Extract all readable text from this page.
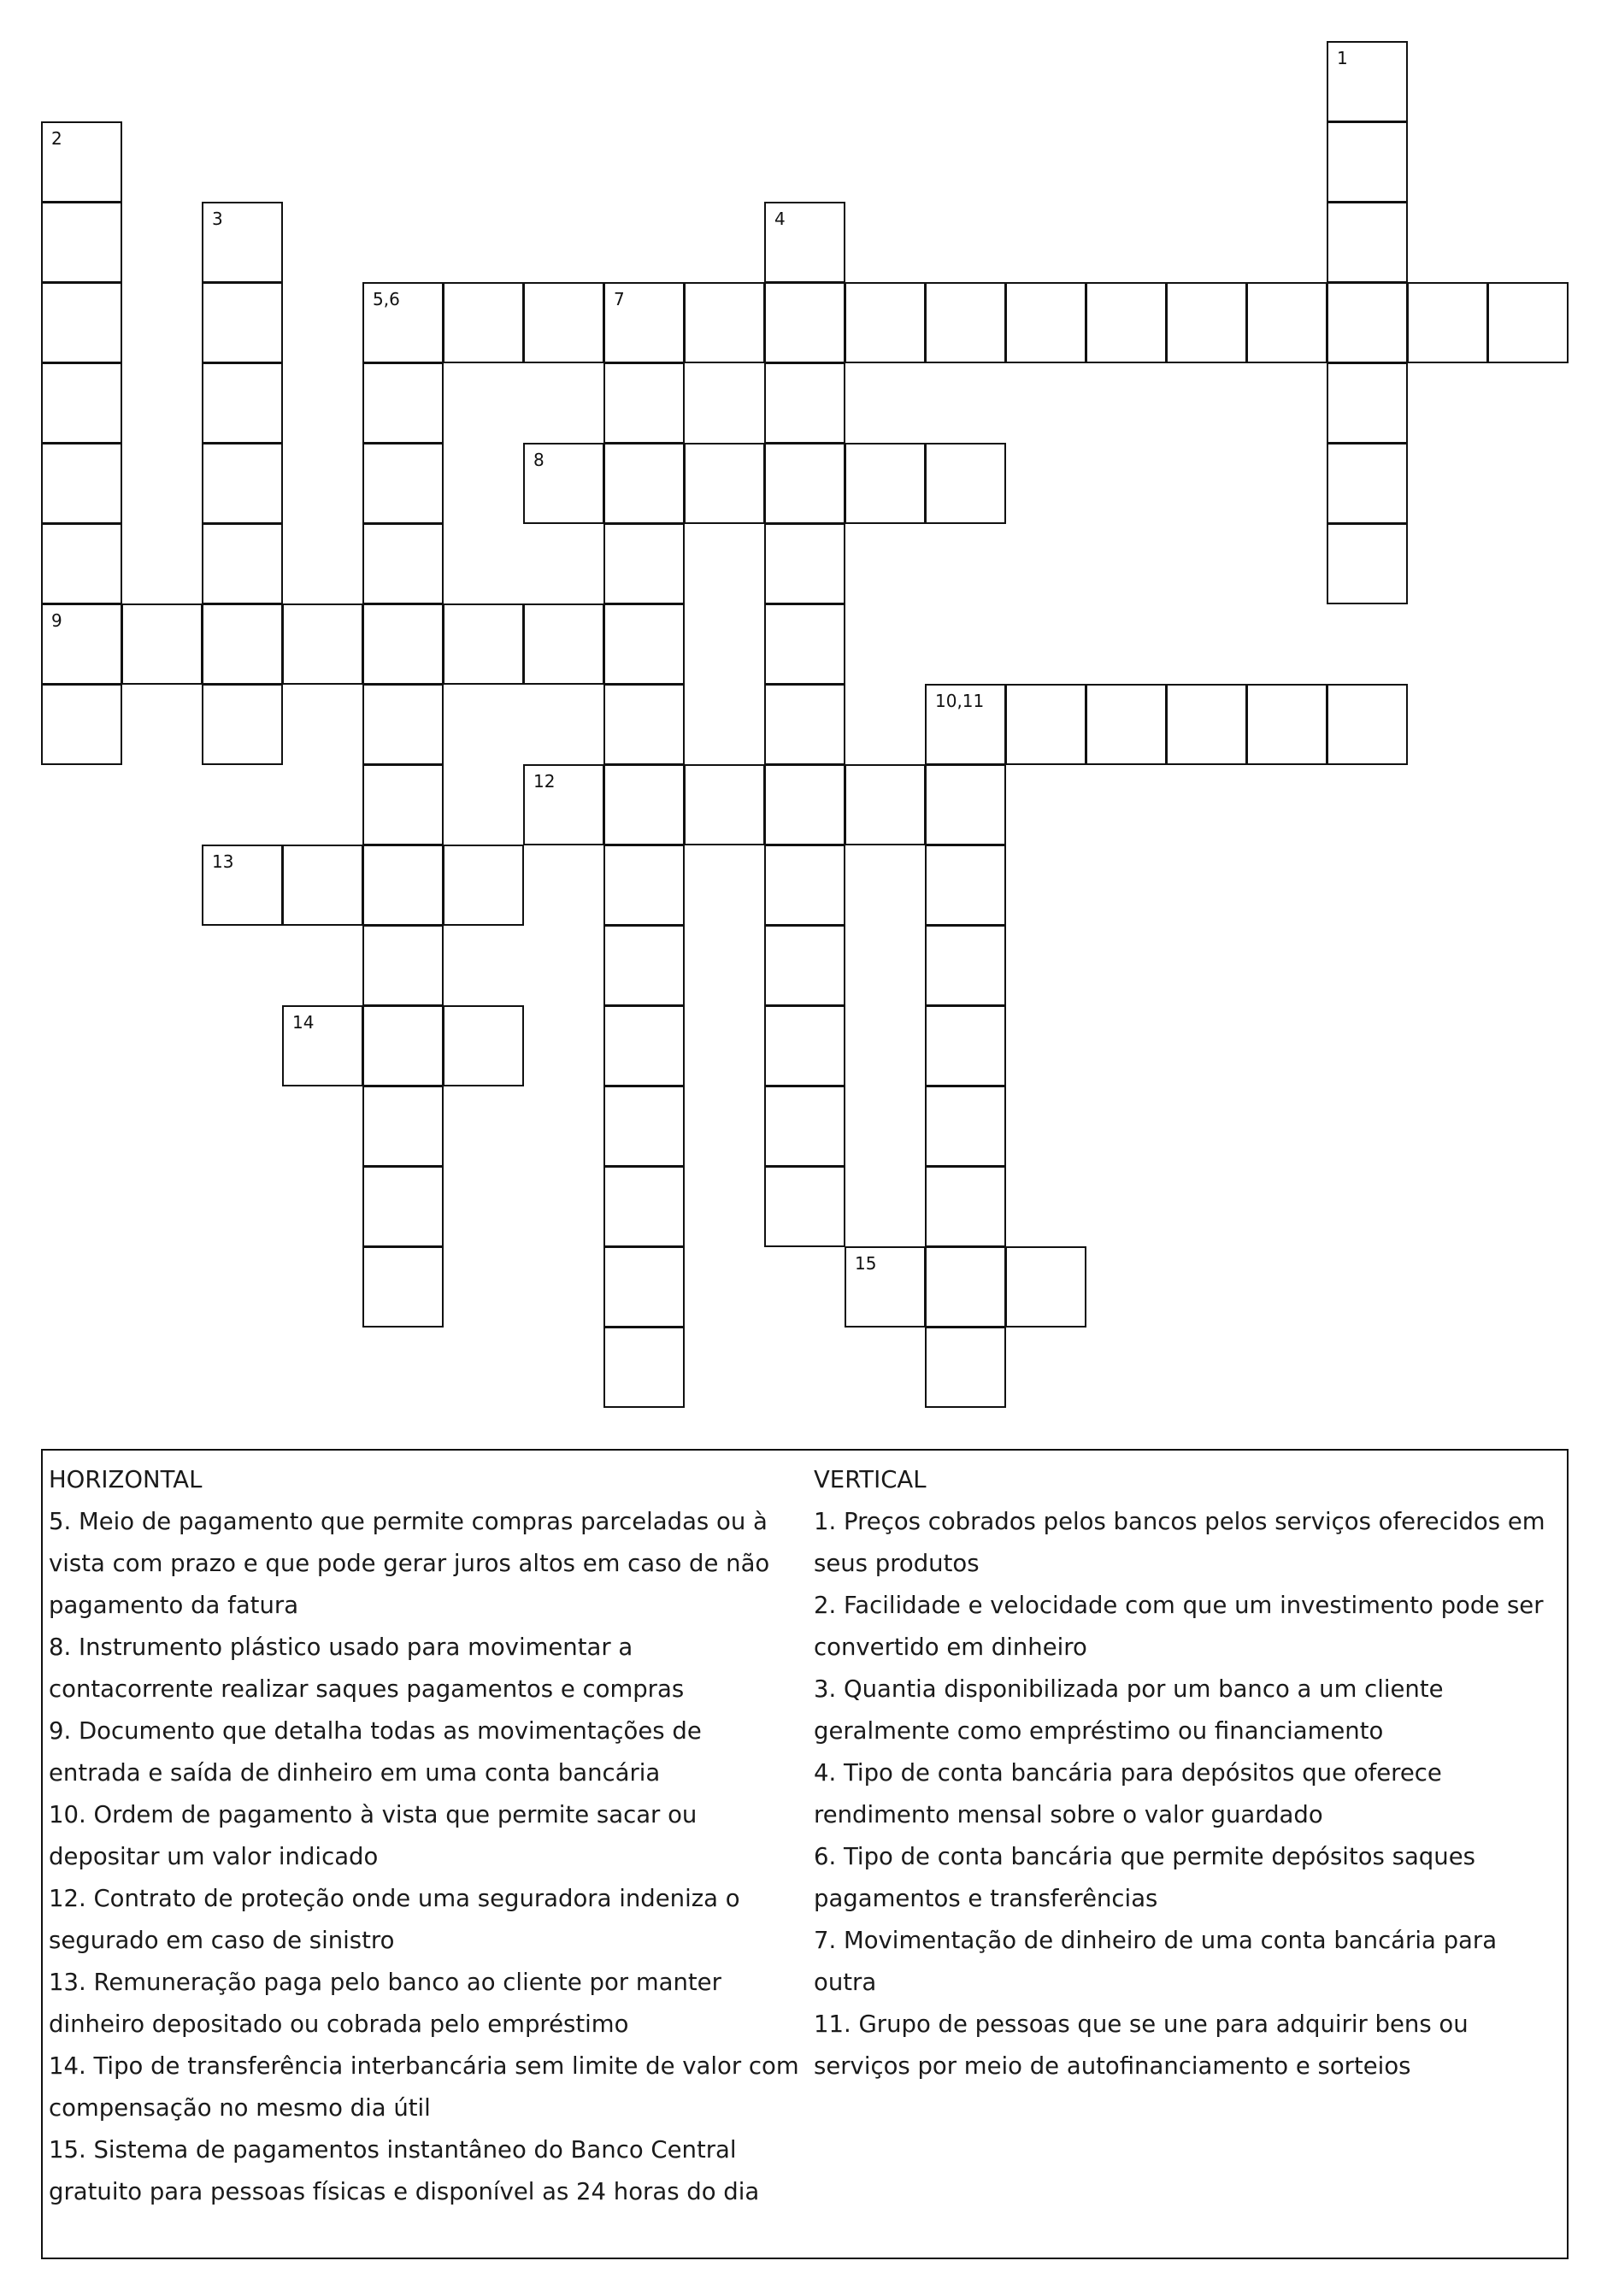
1
2
9
3	4
5,6	7
8
10,11
12
13
14
15

HORIZONTAL

5. Meio de pagamento que permite compras parceladas ou à vista com prazo e que pode gerar juros altos em caso de não pagamento da fatura

8. Instrumento plástico usado para movimentar a contacorrente realizar saques pagamentos e compras

9. Documento que detalha todas as movimentações de entrada e saída de dinheiro em uma conta bancária

10. Ordem de pagamento à vista que permite sacar ou depositar um valor indicado

12. Contrato de proteção onde uma seguradora indeniza o segurado em caso de sinistro

13. Remuneração paga pelo banco ao cliente por manter dinheiro depositado ou cobrada pelo empréstimo

14. Tipo de transferência interbancária sem limite de valor com compensação no mesmo dia útil

15. Sistema de pagamentos instantâneo do Banco Central gratuito para pessoas físicas e disponível as 24 horas do dia

VERTICAL

1. Preços cobrados pelos bancos pelos serviços oferecidos em seus produtos

2. Facilidade e velocidade com que um investimento pode ser convertido em dinheiro

3. Quantia disponibilizada por um banco a um cliente geralmente como empréstimo ou financiamento

4. Tipo de conta bancária para depósitos que oferece rendimento mensal sobre o valor guardado

6. Tipo de conta bancária que permite depósitos saques pagamentos e transferências

7. Movimentação de dinheiro de uma conta bancária para outra

11. Grupo de pessoas que se une para adquirir bens ou serviços por meio de autofinanciamento e sorteios
